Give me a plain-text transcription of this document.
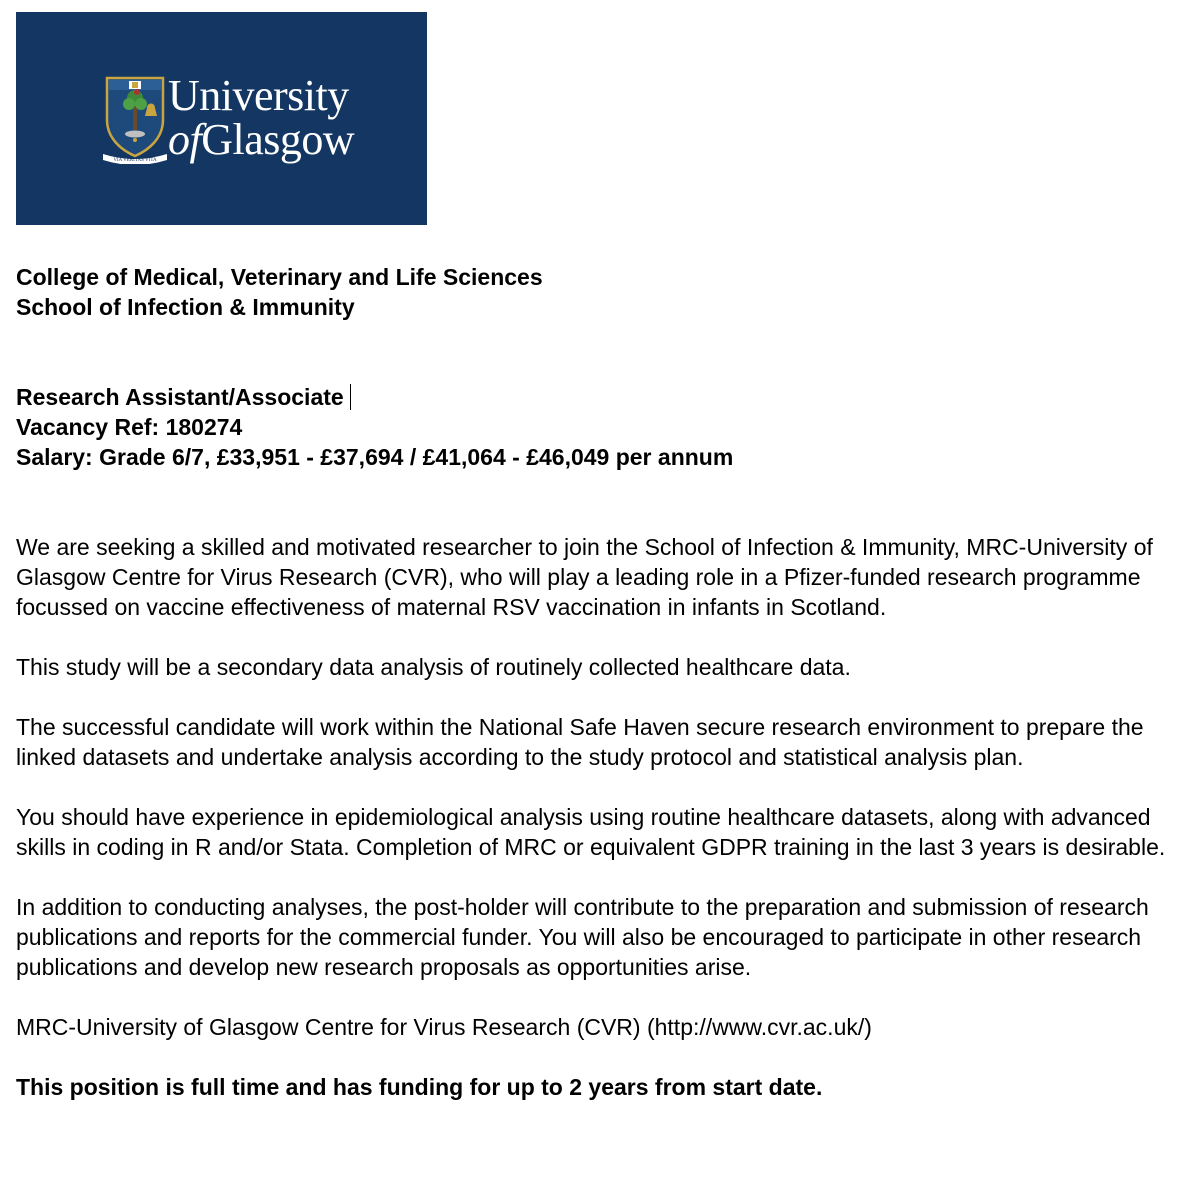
VIA VERITAS VITA
University
ofGlasgow
College of Medical, Veterinary and Life Sciences
School of Infection & Immunity
Research Assistant/Associate
Vacancy Ref: 180274
Salary: Grade 6/7, £33,951 - £37,694 / £41,064 - £46,049 per annum

We are seeking a skilled and motivated researcher to join the School of Infection & Immunity, MRC-University of Glasgow Centre for Virus Research (CVR), who will play a leading role in a Pfizer-funded research programme focussed on vaccine effectiveness of maternal RSV vaccination in infants in Scotland.

This study will be a secondary data analysis of routinely collected healthcare data.

The successful candidate will work within the National Safe Haven secure research environment to prepare the linked datasets and undertake analysis according to the study protocol and statistical analysis plan.

You should have experience in epidemiological analysis using routine healthcare datasets, along with advanced skills in coding in R and/or Stata. Completion of MRC or equivalent GDPR training in the last 3 years is desirable.

In addition to conducting analyses, the post-holder will contribute to the preparation and submission of research publications and reports for the commercial funder. You will also be encouraged to participate in other research publications and develop new research proposals as opportunities arise.

MRC-University of Glasgow Centre for Virus Research (CVR) (http://www.cvr.ac.uk/)

This position is full time and has funding for up to 2 years from start date.
